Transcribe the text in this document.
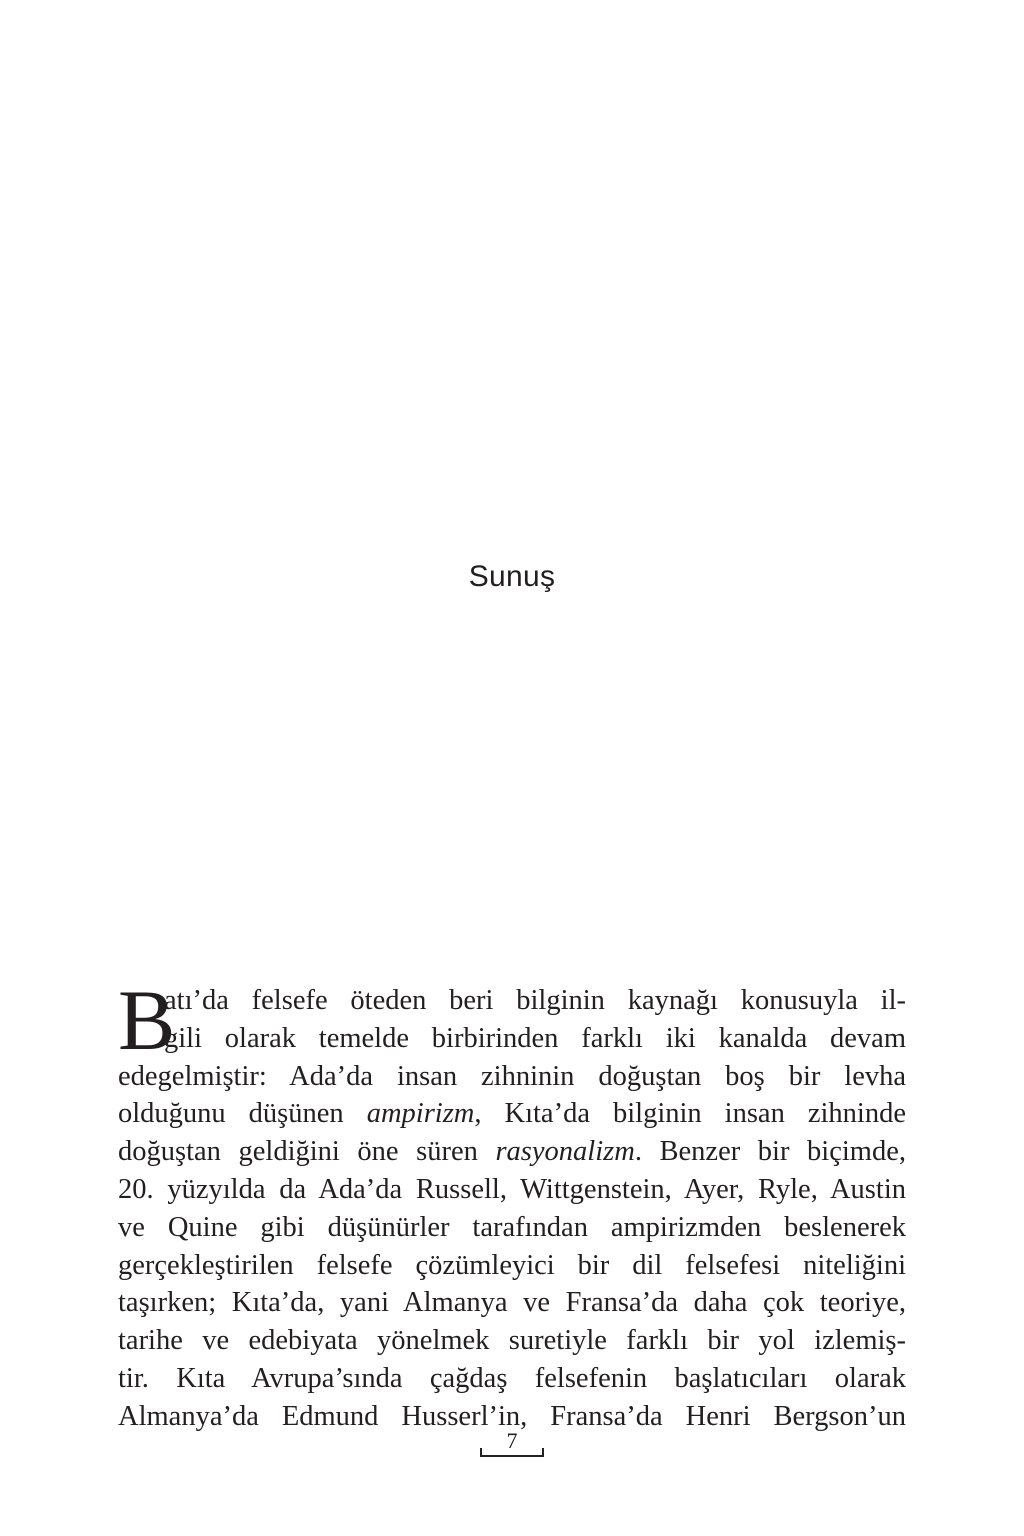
Sunuş
B
atı’da felsefe öteden beri bilginin kaynağı konusuyla il-
gili olarak temelde birbirinden farklı iki kanalda devam
edegelmiştir: Ada’da insan zihninin doğuştan boş bir levha
olduğunu düşünen ampirizm, Kıta’da bilginin insan zihninde
doğuştan geldiğini öne süren rasyonalizm. Benzer bir biçimde,
20. yüzyılda da Ada’da Russell, Wittgenstein, Ayer, Ryle, Austin
ve Quine gibi düşünürler tarafından ampirizmden beslenerek
gerçekleştirilen felsefe çözümleyici bir dil felsefesi niteliğini
taşırken; Kıta’da, yani Almanya ve Fransa’da daha çok teoriye,
tarihe ve edebiyata yönelmek suretiyle farklı bir yol izlemiş-
tir. Kıta Avrupa’sında çağdaş felsefenin başlatıcıları olarak
Almanya’da Edmund Husserl’in, Fransa’da Henri Bergson’un
7
